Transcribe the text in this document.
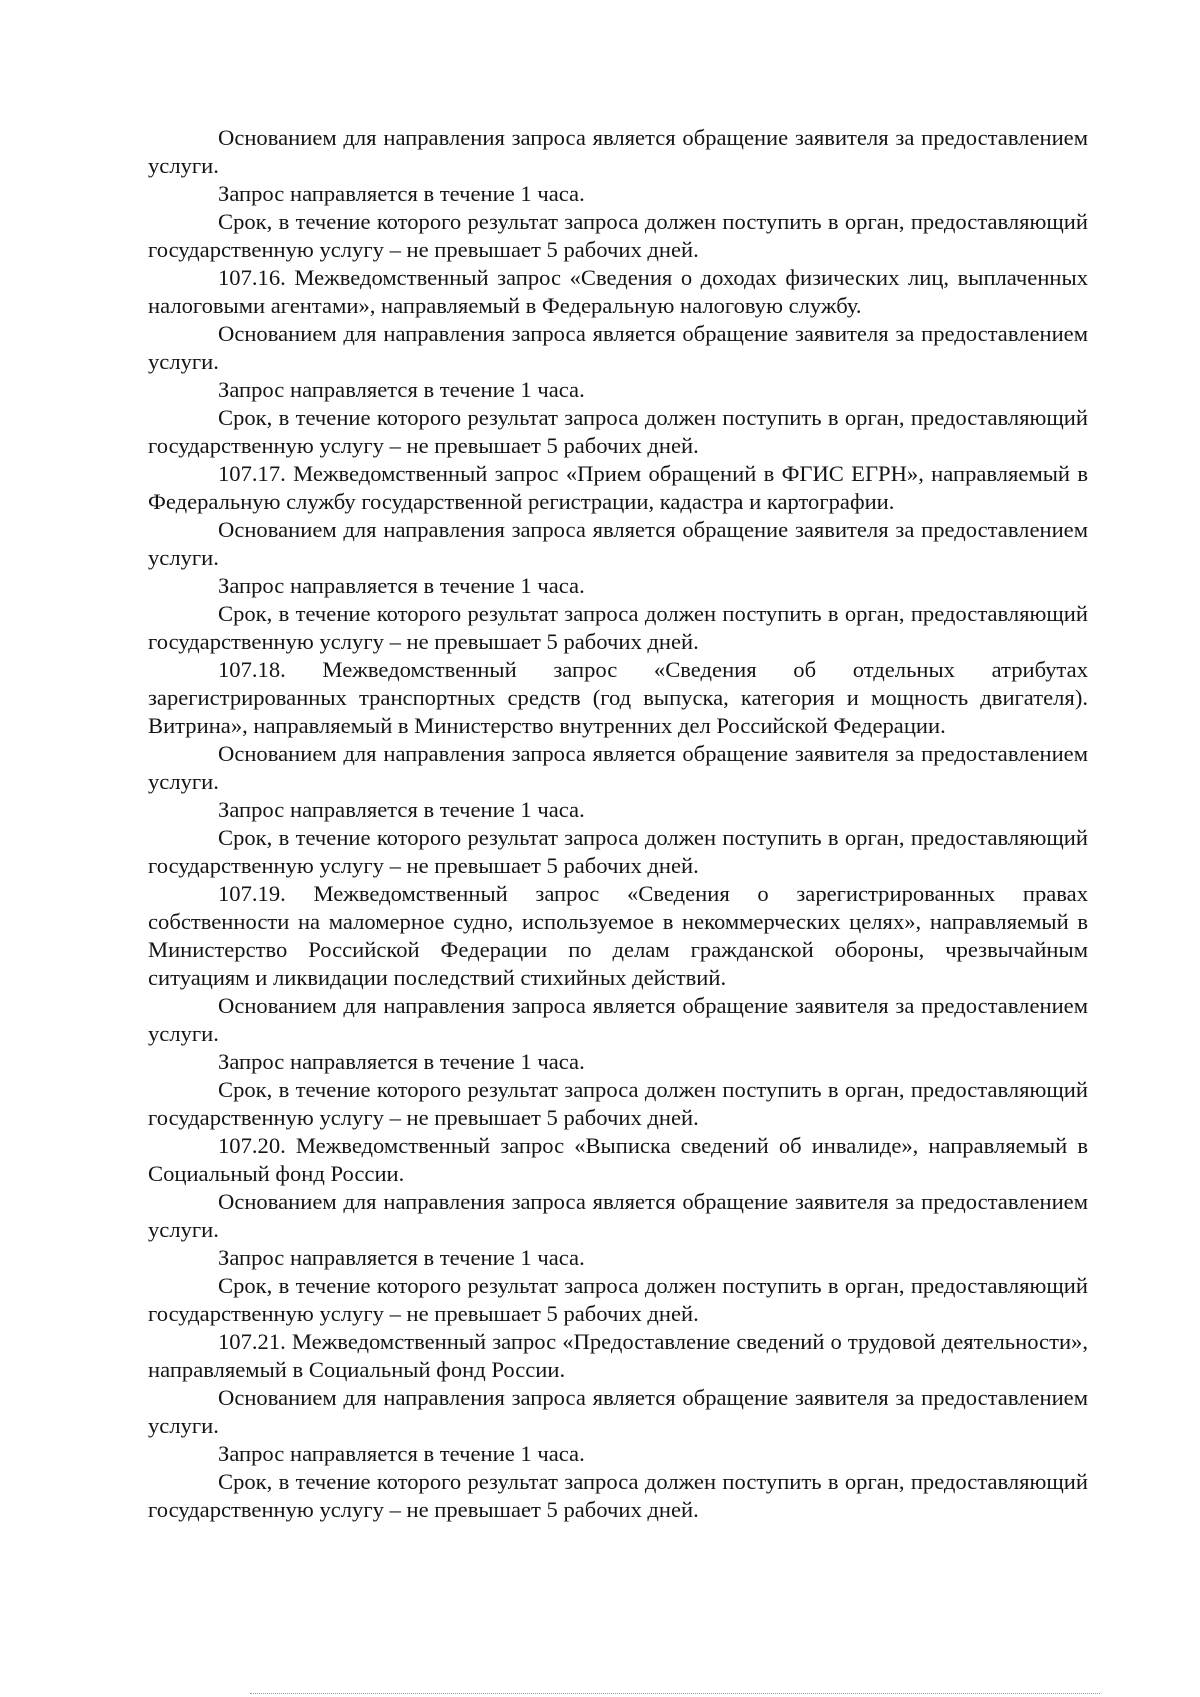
Основанием для направления запроса является обращение заявителя за предоставлением услуги.

Запрос направляется в течение 1 часа.

Срок, в течение которого результат запроса должен поступить в орган, предоставляющий государственную услугу – не превышает 5 рабочих дней.

107.16. Межведомственный запрос «Сведения о доходах физических лиц, выплаченных налоговыми агентами», направляемый в Федеральную налоговую службу.

Основанием для направления запроса является обращение заявителя за предоставлением услуги.

Запрос направляется в течение 1 часа.

Срок, в течение которого результат запроса должен поступить в орган, предоставляющий государственную услугу – не превышает 5 рабочих дней.

107.17. Межведомственный запрос «Прием обращений в ФГИС ЕГРН», направляемый в Федеральную службу государственной регистрации, кадастра и картографии.

Основанием для направления запроса является обращение заявителя за предоставлением услуги.

Запрос направляется в течение 1 часа.

Срок, в течение которого результат запроса должен поступить в орган, предоставляющий государственную услугу – не превышает 5 рабочих дней.

107.18. Межведомственный запрос «Сведения об отдельных атрибутах зарегистрированных транспортных средств (год выпуска, категория и мощность двигателя). Витрина», направляемый в Министерство внутренних дел Российской Федерации.

Основанием для направления запроса является обращение заявителя за предоставлением услуги.

Запрос направляется в течение 1 часа.

Срок, в течение которого результат запроса должен поступить в орган, предоставляющий государственную услугу – не превышает 5 рабочих дней.

107.19. Межведомственный запрос «Сведения о зарегистрированных правах собственности на маломерное судно, используемое в некоммерческих целях», направляемый в Министерство Российской Федерации по делам гражданской обороны, чрезвычайным ситуациям и ликвидации последствий стихийных действий.

Основанием для направления запроса является обращение заявителя за предоставлением услуги.

Запрос направляется в течение 1 часа.

Срок, в течение которого результат запроса должен поступить в орган, предоставляющий государственную услугу – не превышает 5 рабочих дней.

107.20. Межведомственный запрос «Выписка сведений об инвалиде», направляемый в Социальный фонд России.

Основанием для направления запроса является обращение заявителя за предоставлением услуги.

Запрос направляется в течение 1 часа.

Срок, в течение которого результат запроса должен поступить в орган, предоставляющий государственную услугу – не превышает 5 рабочих дней.

107.21. Межведомственный запрос «Предоставление сведений о трудовой деятельности», направляемый в Социальный фонд России.

Основанием для направления запроса является обращение заявителя за предоставлением услуги.

Запрос направляется в течение 1 часа.

Срок, в течение которого результат запроса должен поступить в орган, предоставляющий государственную услугу – не превышает 5 рабочих дней.
